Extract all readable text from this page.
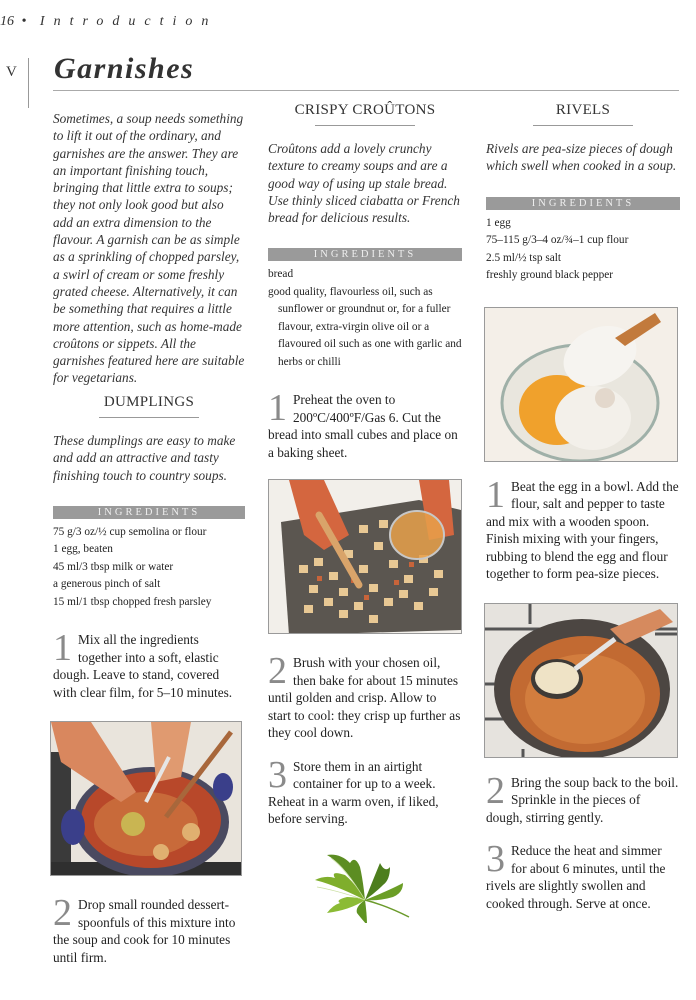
16 • Introduction
V Garnishes

Sometimes, a soup needs something to lift it out of the ordinary, and garnishes are the answer. They are an important finishing touch, bringing that little extra to soups; they not only look good but also add an extra dimension to the flavour. A garnish can be as simple as a sprinkling of chopped parsley, a swirl of cream or some freshly grated cheese. Alternatively, it can be something that requires a little more attention, such as home-made croûtons or sippets. All the garnishes featured here are suitable for vegetarians.

DUMPLINGS

These dumplings are easy to make and add an attractive and tasty finishing touch to country soups.

INGREDIENTS
75 g/3 oz/½ cup semolina or flour
1 egg, beaten
45 ml/3 tbsp milk or water
a generous pinch of salt
15 ml/1 tbsp chopped fresh parsley
1 Mix all the ingredients together into a soft, elastic dough. Leave to stand, covered with clear film, for 5–10 minutes.
2 Drop small rounded dessert-spoonfuls of this mixture into the soup and cook for 10 minutes until firm.
CRISPY CROÛTONS

Croûtons add a lovely crunchy texture to creamy soups and are a good way of using up stale bread. Use thinly sliced ciabatta or French bread for delicious results.

INGREDIENTS
bread
good quality, flavourless oil, such as sunflower or groundnut or, for a fuller flavour, extra-virgin olive oil or a flavoured oil such as one with garlic and herbs or chilli
1 Preheat the oven to 200ºC/400ºF/Gas 6. Cut the bread into small cubes and place on a baking sheet.
2 Brush with your chosen oil, then bake for about 15 minutes until golden and crisp. Allow to start to cool: they crisp up further as they cool down.
3 Store them in an airtight container for up to a week. Reheat in a warm oven, if liked, before serving.
RIVELS

Rivels are pea-size pieces of dough which swell when cooked in a soup.

INGREDIENTS
1 egg
75–115 g/3–4 oz/¾–1 cup flour
2.5 ml/½ tsp salt
freshly ground black pepper
1 Beat the egg in a bowl. Add the flour, salt and pepper to taste and mix with a wooden spoon. Finish mixing with your fingers, rubbing to blend the egg and flour together to form pea-size pieces.
2 Bring the soup back to the boil. Sprinkle in the pieces of dough, stirring gently.
3 Reduce the heat and simmer for about 6 minutes, until the rivels are slightly swollen and cooked through. Serve at once.
